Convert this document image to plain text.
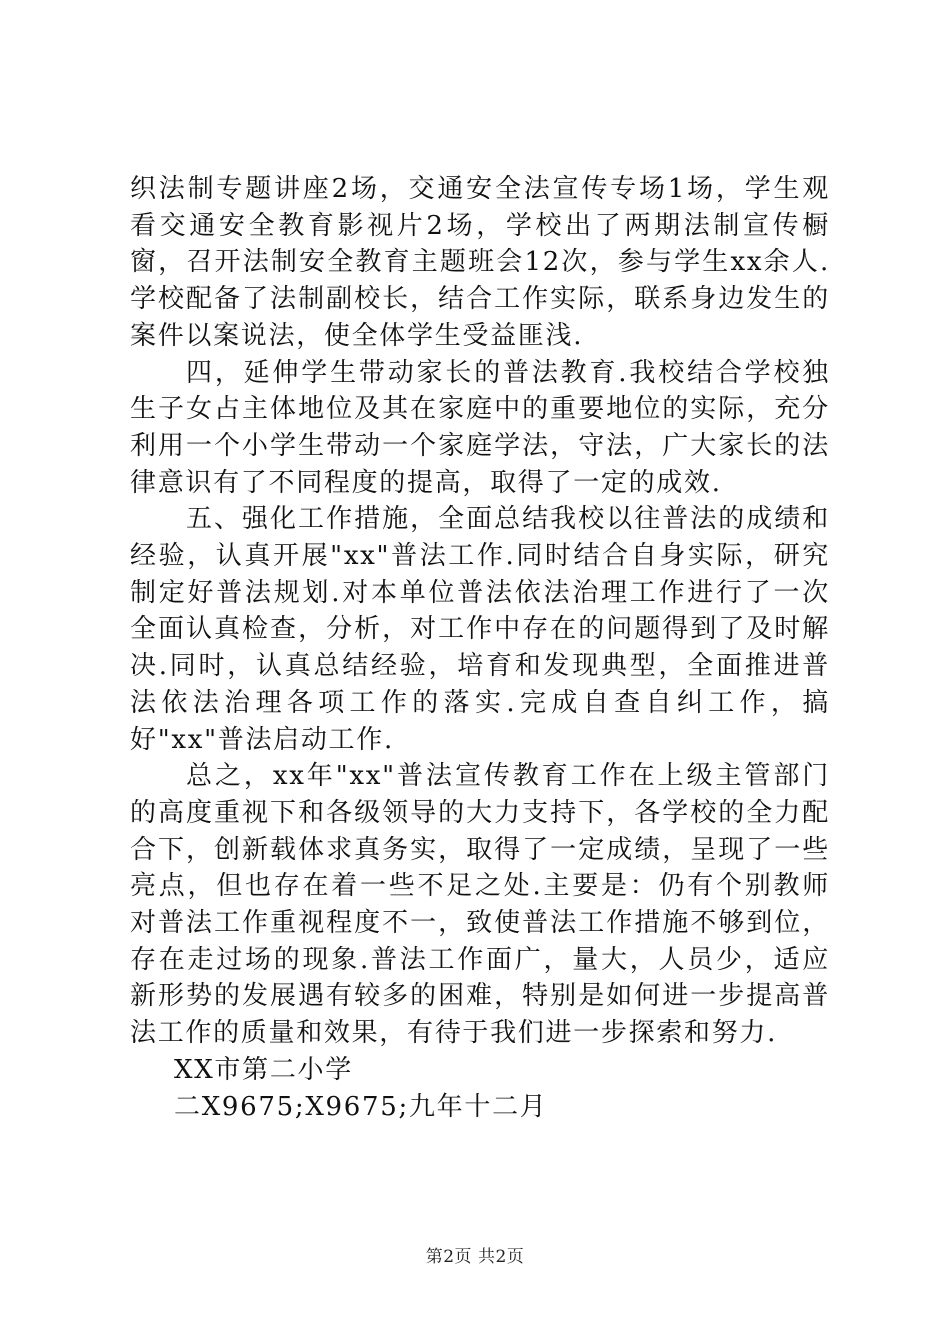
织法制专题讲座2场，交通安全法宣传专场1场，学生观看交通安全教育影视片2场，学校出了两期法制宣传橱窗，召开法制安全教育主题班会12次，参与学生xx余人.学校配备了法制副校长，结合工作实际，联系身边发生的案件以案说法，使全体学生受益匪浅.

四，延伸学生带动家长的普法教育.我校结合学校独生子女占主体地位及其在家庭中的重要地位的实际，充分利用一个小学生带动一个家庭学法，守法，广大家长的法律意识有了不同程度的提高，取得了一定的成效.

五、强化工作措施，全面总结我校以往普法的成绩和经验，认真开展"xx"普法工作.同时结合自身实际，研究制定好普法规划.对本单位普法依法治理工作进行了一次全面认真检查，分析，对工作中存在的问题得到了及时解决.同时，认真总结经验，培育和发现典型，全面推进普法依法治理各项工作的落实.完成自查自纠工作，搞好"xx"普法启动工作.

总之，xx年"xx"普法宣传教育工作在上级主管部门的高度重视下和各级领导的大力支持下，各学校的全力配合下，创新载体求真务实，取得了一定成绩，呈现了一些亮点，但也存在着一些不足之处.主要是：仍有个别教师对普法工作重视程度不一，致使普法工作措施不够到位，存在走过场的现象.普法工作面广，量大，人员少，适应新形势的发展遇有较多的困难，特别是如何进一步提高普法工作的质量和效果，有待于我们进一步探索和努力.

XX市第二小学

二X9675;X9675;九年十二月

第2页 共2页
